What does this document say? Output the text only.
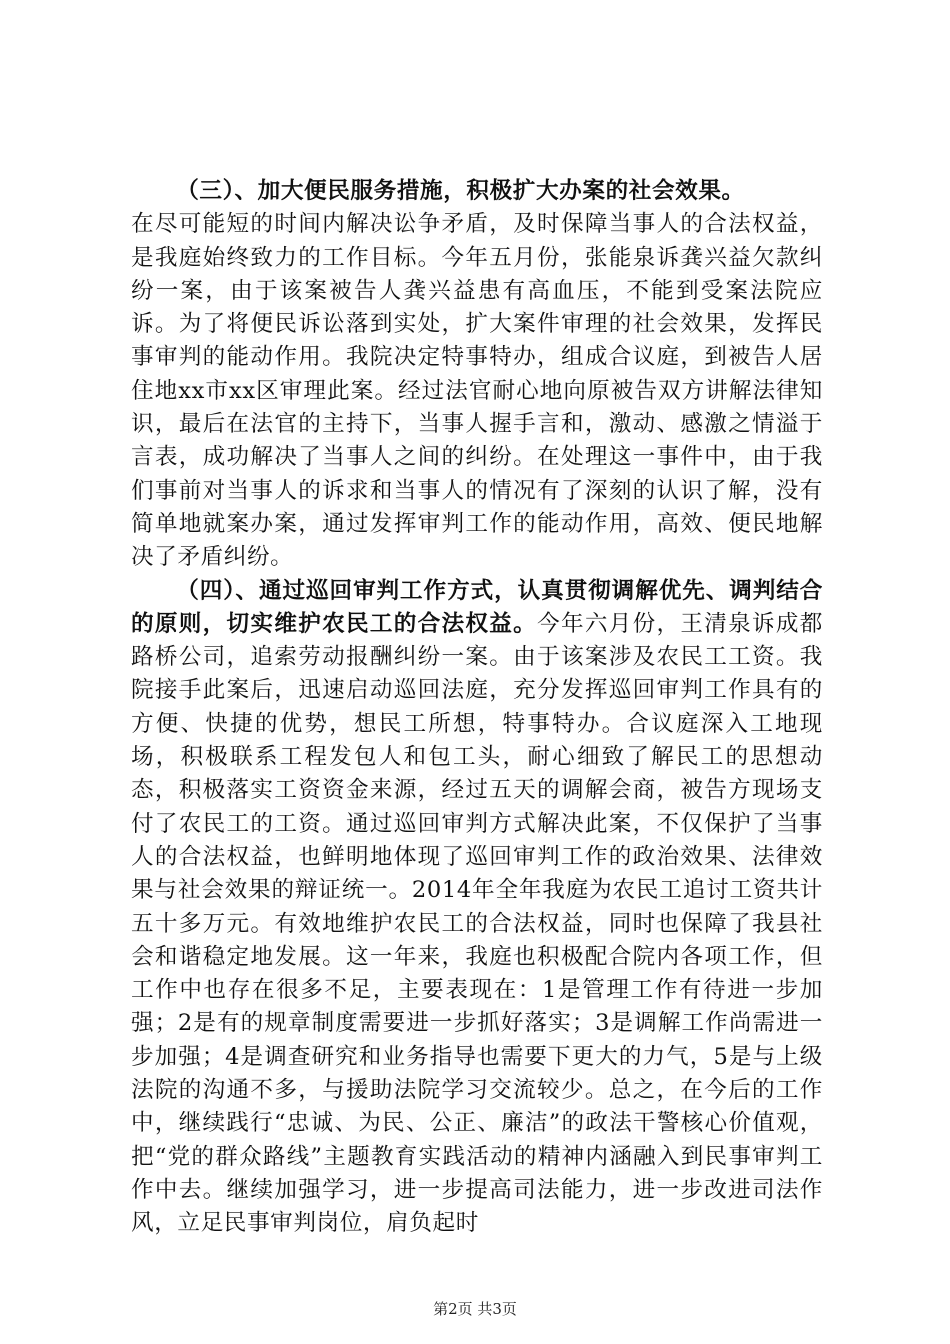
（三）、加大便民服务措施，积极扩大办案的社会效果。

在尽可能短的时间内解决讼争矛盾，及时保障当事人的合法权益，是我庭始终致力的工作目标。今年五月份，张能泉诉龚兴益欠款纠纷一案，由于该案被告人龚兴益患有高血压，不能到受案法院应诉。为了将便民诉讼落到实处，扩大案件审理的社会效果，发挥民事审判的能动作用。我院决定特事特办，组成合议庭，到被告人居住地xx市xx区审理此案。经过法官耐心地向原被告双方讲解法律知识，最后在法官的主持下，当事人握手言和，激动、感激之情溢于言表，成功解决了当事人之间的纠纷。在处理这一事件中，由于我们事前对当事人的诉求和当事人的情况有了深刻的认识了解，没有简单地就案办案，通过发挥审判工作的能动作用，高效、便民地解决了矛盾纠纷。

（四）、通过巡回审判工作方式，认真贯彻调解优先、调判结合的原则，切实维护农民工的合法权益。今年六月份，王清泉诉成都路桥公司，追索劳动报酬纠纷一案。由于该案涉及农民工工资。我院接手此案后，迅速启动巡回法庭，充分发挥巡回审判工作具有的方便、快捷的优势，想民工所想，特事特办。合议庭深入工地现场，积极联系工程发包人和包工头，耐心细致了解民工的思想动态，积极落实工资资金来源，经过五天的调解会商，被告方现场支付了农民工的工资。通过巡回审判方式解决此案，不仅保护了当事人的合法权益，也鲜明地体现了巡回审判工作的政治效果、法律效果与社会效果的辩证统一。2014年全年我庭为农民工追讨工资共计五十多万元。有效地维护农民工的合法权益，同时也保障了我县社会和谐稳定地发展。这一年来，我庭也积极配合院内各项工作，但工作中也存在很多不足，主要表现在：1是管理工作有待进一步加强；2是有的规章制度需要进一步抓好落实；3是调解工作尚需进一步加强；4是调查研究和业务指导也需要下更大的力气，5是与上级法院的沟通不多，与援助法院学习交流较少。总之，在今后的工作中，继续践行“忠诚、为民、公正、廉洁”的政法干警核心价值观，把“党的群众路线”主题教育实践活动的精神内涵融入到民事审判工作中去。继续加强学习，进一步提高司法能力，进一步改进司法作风，立足民事审判岗位，肩负起时

第2页 共3页
